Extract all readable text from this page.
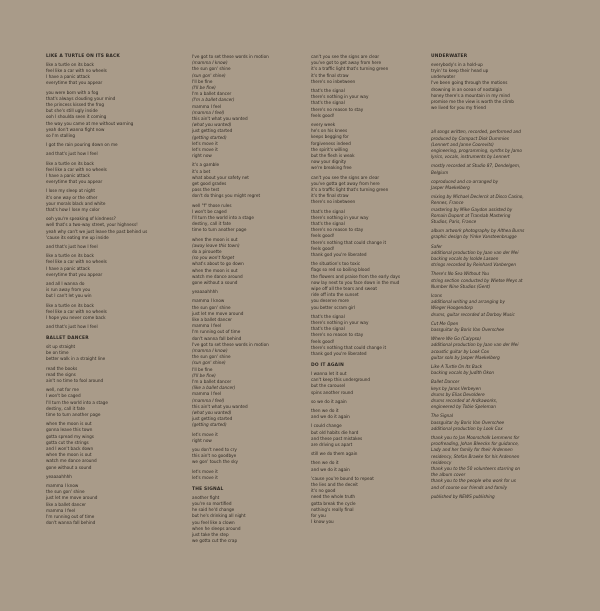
LIKE A TURTLE ON ITS BACK
like a turtle on its back
feel like a car with no wheels
I have a panic attack
everytime that you appear
you were born with a fog
that's always clouding your mind
the princess kissed the frog
but she's still ugly inside
ooh I shoulda seen it coming
the way you came at me without warning
yeah don't wanna fight now
so I'm stalling
I got the rain pouring down on me
and that's just how I feel
like a turtle on its back
feel like a car with no wheels
I have a panic attack
everytime that you appear
I lose my sleep at night
it's one way or the other
your morals black and white
that's how I lose my color
ooh you're speaking of kindness?
well that's a two-way street, your highness!
yeah why can't we just leave the past behind us
'cause its eating me up inside
and that's just how I feel
like a turtle on its back
feel like a car with no wheels
I have a panic attack
everytime that you appear
and all I wanna do
is run away from you
but I can't let you win
like a turtle on its back
feel like a car with no wheels
I hope you never come back
and that's just how I feel
BALLET DANCER
sit up straight
be on time
better walk in a straight line
read the books
read the signs
ain't no time to fool around
well, not for me
I won't be caged
I'll turn the world into a stage
destiny, call it fate
time to turn another page
when the moon is out
gonna leave this town
gotta spread my wings
gotta cut the strings
and I won't back down
when the moon is out
watch me dance around
gone without a sound
yeaaaahhhh
mamma I know
the sun gon' shine
just let me move around
like a ballet dancer
mamma I feel
I'm running out of time
don't wanna fall behind
I've got to set these words in motion
(mamma I know)
the sun gon' shine
(sun gon' shine)
I'll be fine
(I'll be fine)
I'm a ballet dancer
(I'm a ballet dancer)
mamma I feel
(mamma I feel)
this ain't what you wanted
(what you wanted)
just getting started
(getting started)
let's move it
let's move it
right now
it's a gamble
it's a bet
what about your safety net
get good grades
pass the test
don't do things you might regret
well "f" those rules
I won't be caged
I'll turn the world into a stage
destiny, call it fate
time to turn another page
when the moon is out
(away leave this town)
do a pirouette
(so you won't forget
what's about to go down
when the moon is out
watch me dance around
gone without a sound
yeaaaahhhh
mamma I know
the sun gon' shine
just let me move around
like a ballet dancer
mamma I feel
I'm running out of time
don't wanna fall behind
I've got to set these words in motion
(mamma I know)
the sun gon' shine
(sun gon' shine)
I'll be fine
(I'll be fine)
I'm a ballet dancer
(like a ballet dancer)
mamma I feel
(mamma I feel)
this ain't what you wanted
(what you wanted)
just getting started
(getting started)
let's move it
right now
you don't need to cry
this ain't no goodbye
we gon' touch the sky
let's move it
let's move it
THE SIGNAL
another fight
you're so mortified
he said he'd change
but he's drinking all night
you feel like a clown
when he sleeps around
just take the step
we gotta cut the crap
can't you see the signs are clear
you've got to get away from here
it's a traffic light that's turning green
it's the final straw
there's no inbetween
that's the signal
there's nothing in your way
that's the signal
there's no reason to stay
feels good!
every week
he's on his knees
keeps begging for
forgiveness indeed
the spirit's willing
but the flesh is weak
now your dignity
we're breaking free
can't you see the signs are clear
you've gotta get away from here
it's a traffic light that's turning green
it's the final straw
there's no inbetween
that's the signal
there's nothing in your way
that's the signal
there's no reason to stay
feels good!
there's nothing that could change it
feels good!
thank god you're liberated
the situation's too toxic
flags so red so boiling blood
the flowers and praise from the early days
now lay next to you face down in the mud
wipe off all the tears and sweat
ride off into the sunset
you deserve more
you better scram girl
that's the signal
there's nothing in your way
that's the signal
there's no reason to stay
feels good!
there's nothing that could change it
thank god you're liberated
DO IT AGAIN
I wanna let it out
can't keep this underground
but the carousel
spins another round
so we do it again
then we do it
and we do it again
I could change
but old habits die hard
and these past mistakes
are driving us apart
still we do them again
then we do it
and we do it again
'cause you're bound to repeat
the lies and the deceit
it's no good
need the whole truth
gotta break the cycle
nothing's really final
for you
I know you
UNDERWATER
everybody's in a hold-up
tryin' to keep their head up
underwater
I've been going through the motions
drowning in an ocean of nostalgia
honey there's a mountain in my mind
promise me the view is worth the climb
we lived for you my friend
all songs written, recorded, performed and
produced by Compact Disk Dummies
(Lennert and Janne Coorevits)
engineering, programming, synths by Jamo
lyrics, vocals, instruments by Lennert
mostly recorded at Studio 87, Dendelgem,
Belgium
coproduced and co-arranged by
Jasper Maekelberg
mixing by Michael Declerck at Disco Casino,
Rennes, France
mastering by Mike Gaydon assisted by
Romain Dupont at Translab Mastering
Studios, Paris, France
album artwork photography by Althea Burns
graphic design by Yinke Vansteenbrugge
Safer
additional production by Jaan van der Mei
backing vocals by Isolde Lasoen
strings recorded by Reinhard Vanbergen
There's No Sea Without You
string section conducted by Wietse Meys at
Number Nine Studios (Gent)
Icons
additional writing and arranging by
Wieger Hoogendorp
drums, guitar recorded at Dorboy Music
Cut Me Open
bassguitar by Boris Van Overschee
Where We Go (Calypso)
additional production by Jaan van der Mei
acoustic guitar by Look Cox
guitar solo by Jasper Maekelberg
Like A Turtle On Its Back
backing vocals by Judith Okon
Ballet Dancer
keys by Janos Verbeyen
drums by Elias Devoldere
drums recorded at Ardkaworks,
engineered by Tobie Speleman
The Signal
bassguitar by Boris Van Overschee
additional production by Look Cox
thank you to Jan Moorscholk Lemmens for
proofreading, Johan Bleeckx for guidance,
Lady and her family for their Ardennen
residency, Stefan Braeke for his Ardennen
residency
thank you to the 50 volunteers starring on
the album cover
thank you to the people who work for us
and of course our friends and family
published by NEWS publishing
